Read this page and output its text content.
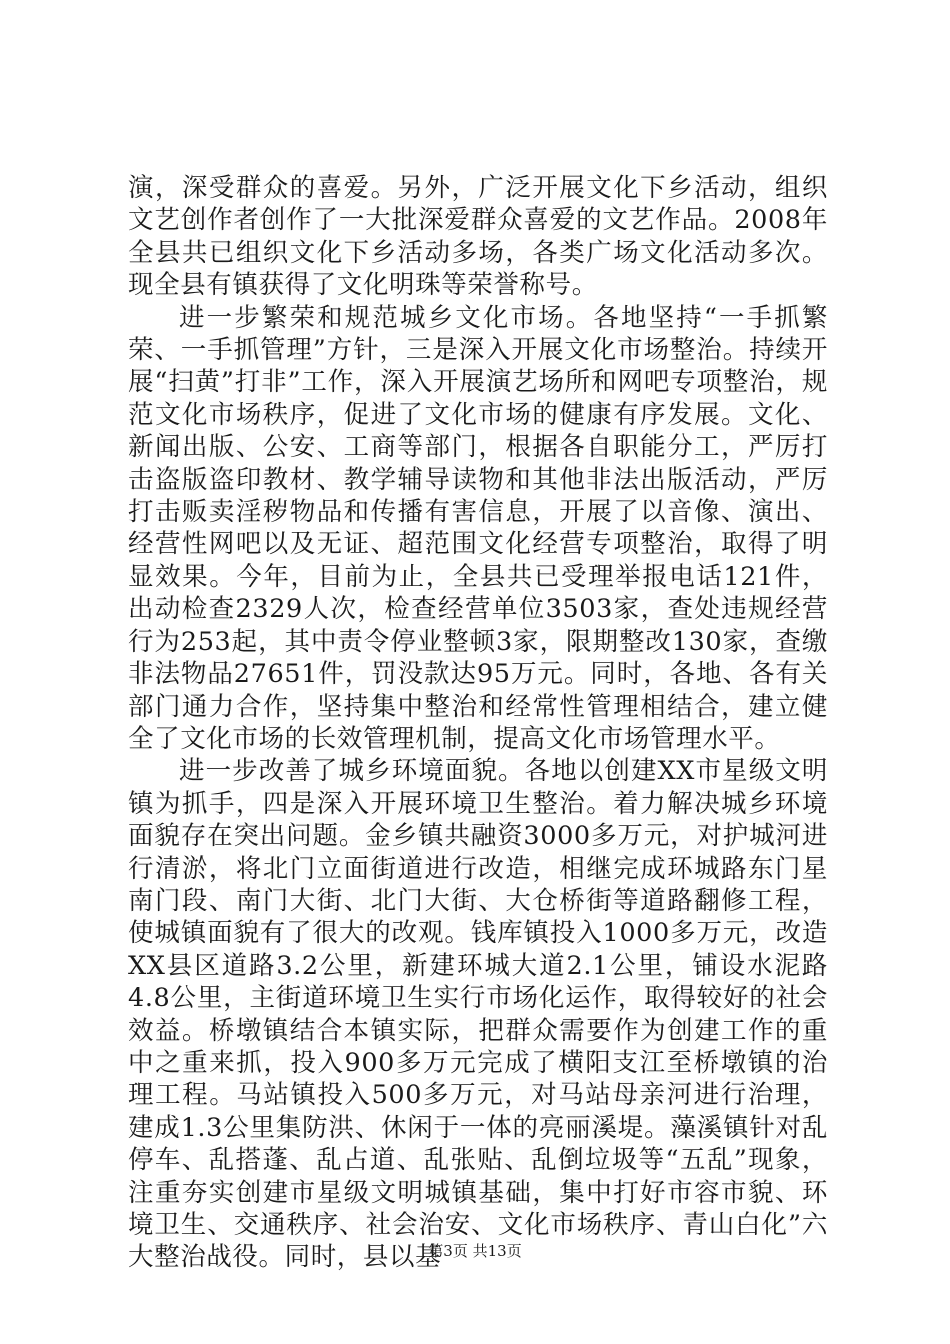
演，深受群众的喜爱。另外，广泛开展文化下乡活动，组织文艺创作者创作了一大批深爱群众喜爱的文艺作品。2008年全县共已组织文化下乡活动多场，各类广场文化活动多次。现全县有镇获得了文化明珠等荣誉称号。

进一步繁荣和规范城乡文化市场。各地坚持“一手抓繁荣、一手抓管理”方针，三是深入开展文化市场整治。持续开展“扫黄”打非”工作，深入开展演艺场所和网吧专项整治，规范文化市场秩序，促进了文化市场的健康有序发展。文化、新闻出版、公安、工商等部门，根据各自职能分工，严厉打击盗版盗印教材、教学辅导读物和其他非法出版活动，严厉打击贩卖淫秽物品和传播有害信息，开展了以音像、演出、经营性网吧以及无证、超范围文化经营专项整治，取得了明显效果。今年，目前为止，全县共已受理举报电话121件，出动检查2329人次，检查经营单位3503家，查处违规经营行为253起，其中责令停业整顿3家，限期整改130家，查缴非法物品27651件，罚没款达95万元。同时，各地、各有关部门通力合作，坚持集中整治和经常性管理相结合，建立健全了文化市场的长效管理机制，提高文化市场管理水平。

进一步改善了城乡环境面貌。各地以创建XX市星级文明镇为抓手，四是深入开展环境卫生整治。着力解决城乡环境面貌存在突出问题。金乡镇共融资3000多万元，对护城河进行清淤，将北门立面街道进行改造，相继完成环城路东门星南门段、南门大街、北门大街、大仓桥街等道路翻修工程，使城镇面貌有了很大的改观。钱库镇投入1000多万元，改造XX县区道路3.2公里，新建环城大道2.1公里，铺设水泥路4.8公里，主街道环境卫生实行市场化运作，取得较好的社会效益。桥墩镇结合本镇实际，把群众需要作为创建工作的重中之重来抓，投入900多万元完成了横阳支江至桥墩镇的治理工程。马站镇投入500多万元，对马站母亲河进行治理，建成1.3公里集防洪、休闲于一体的亮丽溪堤。藻溪镇针对乱停车、乱搭蓬、乱占道、乱张贴、乱倒垃圾等“五乱”现象，注重夯实创建市星级文明城镇基础，集中打好市容市貌、环境卫生、交通秩序、社会治安、文化市场秩序、青山白化”六大整治战役。同时，县以基

第3页 共13页
